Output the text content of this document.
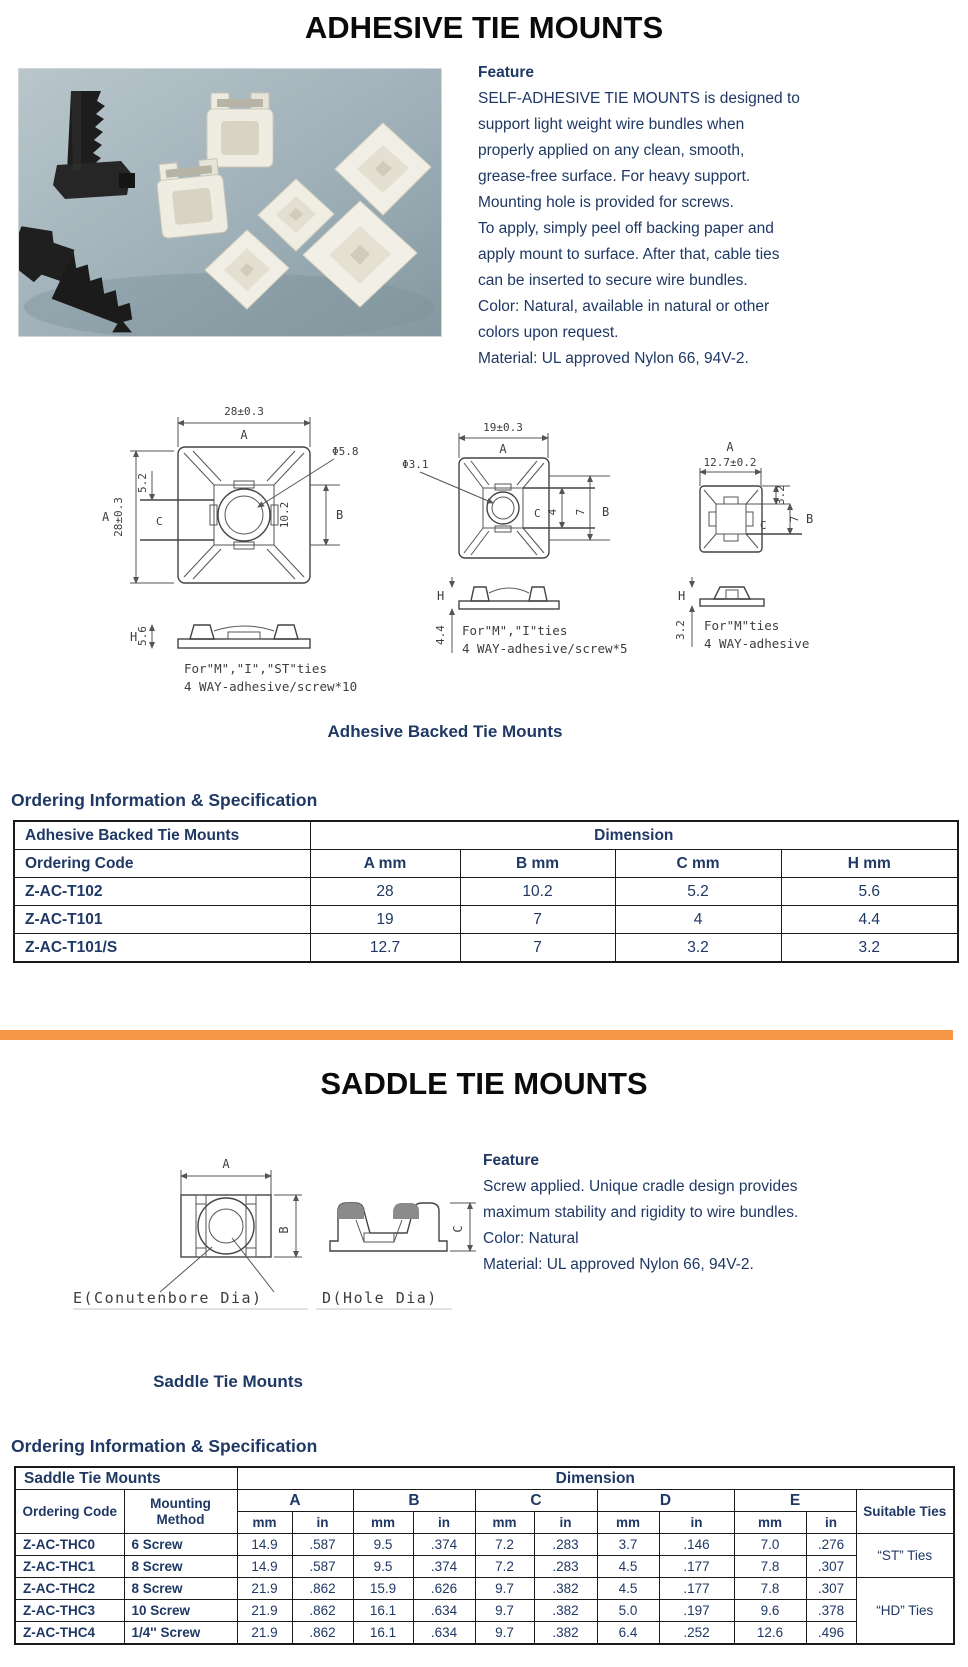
ADHESIVE TIE MOUNTS
Feature
SELF-ADHESIVE TIE MOUNTS is designed to
support light weight wire bundles when
properly applied on any clean, smooth,
grease-free surface. For heavy support.
Mounting hole is provided for screws.
To apply, simply peel off backing paper and
apply mount to surface. After that, cable ties
can be inserted to secure wire bundles.
Color: Natural, available in natural or other
colors upon request.
Material: UL approved Nylon 66, 94V-2.
28±0.3
A
28±0.3
A
5.2
C
Φ5.8
10.2	B
H
5.6
For"M","I","ST"ties
4 WAY-adhesive/screw*10
19±0.3
A
Φ3.1
C 4 7 B
H
4.4 For"M","I"ties
4 WAY-adhesive/screw*5
A
12.7±0.2
3.2
C 7 B
H
3.2 For"M"ties
4 WAY-adhesive
Adhesive Backed Tie Mounts
Ordering Information & Specification
Adhesive Backed Tie Mounts	Dimension			
Ordering Code	A mm	B mm	C mm	H mm
Z-AC-T102	28	10.2	5.2	5.6
Z-AC-T101	19	7	4	4.4
Z-AC-T101/S	12.7	7	3.2	3.2
SADDLE TIE MOUNTS
A
B	C
E(Conutenbore Dia)	D(Hole Dia)
Feature
Screw applied. Unique cradle design provides
maximum stability and rigidity to wire bundles.
Color: Natural
Material: UL approved Nylon 66, 94V-2.
Saddle Tie Mounts
Ordering Information & Specification
Saddle Tie Mounts		Dimension										
Ordering Code	Mounting Method	A		B		C		D		E		Suitable Ties
		mm	in	mm	in	mm	in	mm	in	mm	in	
Z-AC-THC0	6 Screw	14.9	.587	9.5	.374	7.2	.283	3.7	.146	7.0	.276	“ST” Ties
Z-AC-THC1	8 Screw	14.9	.587	9.5	.374	7.2	.283	4.5	.177	7.8	.307	
Z-AC-THC2	8 Screw	21.9	.862	15.9	.626	9.7	.382	4.5	.177	7.8	.307	“HD” Ties
Z-AC-THC3	10 Screw	21.9	.862	16.1	.634	9.7	.382	5.0	.197	9.6	.378	
Z-AC-THC4	1/4'' Screw	21.9	.862	16.1	.634	9.7	.382	6.4	.252	12.6	.496	
